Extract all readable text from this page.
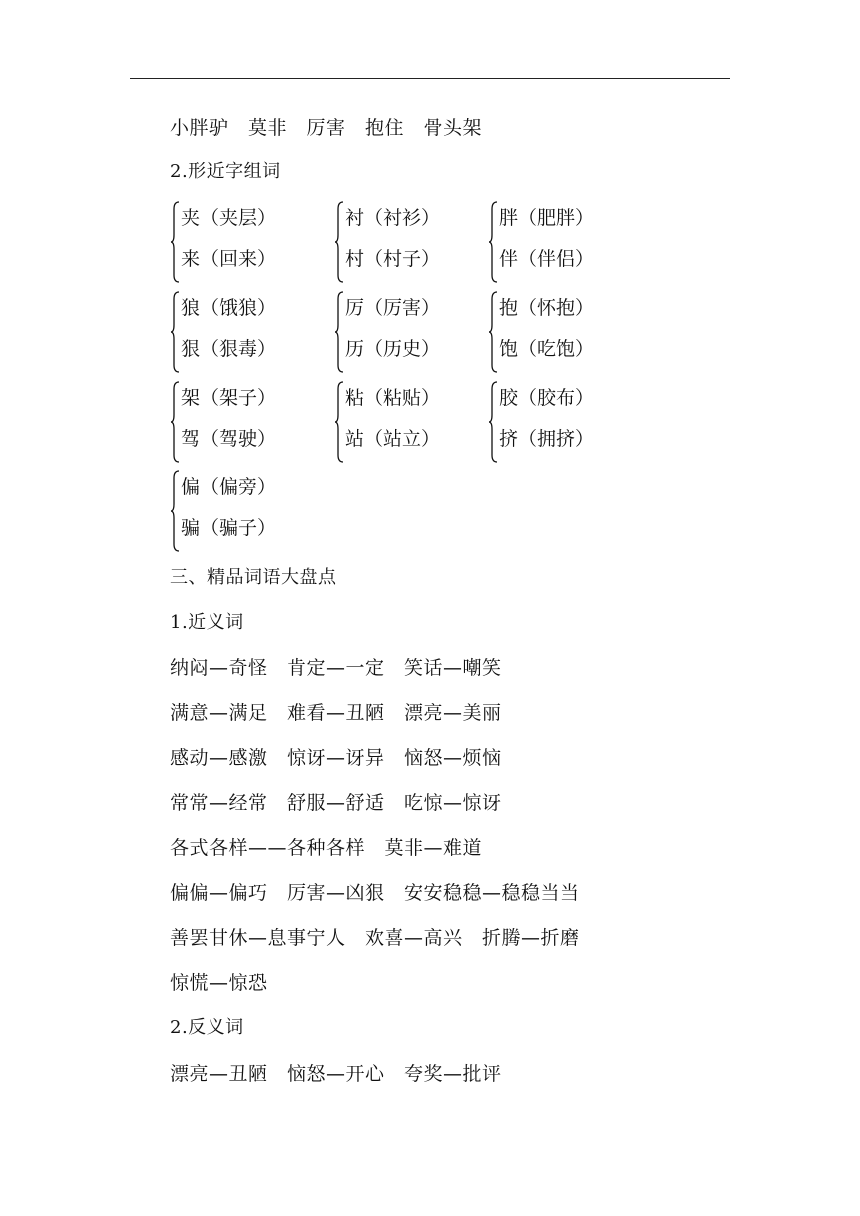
小胖驴　莫非　厉害　抱住　骨头架
2.形近字组词
夹（夹层）
来（回来）
衬（衬衫）
村（村子）
胖（肥胖）
伴（伴侣）
狼（饿狼）
狠（狠毒）
厉（厉害）
历（历史）
抱（怀抱）
饱（吃饱）
架（架子）
驾（驾驶）
粘（粘贴）
站（站立）
胶（胶布）
挤（拥挤）
偏（偏旁）
骗（骗子）
三、精品词语大盘点
1.近义词
纳闷—奇怪　肯定—一定　笑话—嘲笑
满意—满足　难看—丑陋　漂亮—美丽
感动—感激　惊讶—讶异　恼怒—烦恼
常常—经常　舒服—舒适　吃惊—惊讶
各式各样——各种各样　莫非—难道
偏偏—偏巧　厉害—凶狠　安安稳稳—稳稳当当
善罢甘休—息事宁人　欢喜—高兴　折腾—折磨
惊慌—惊恐
2.反义词
漂亮—丑陋　恼怒—开心　夸奖—批评
